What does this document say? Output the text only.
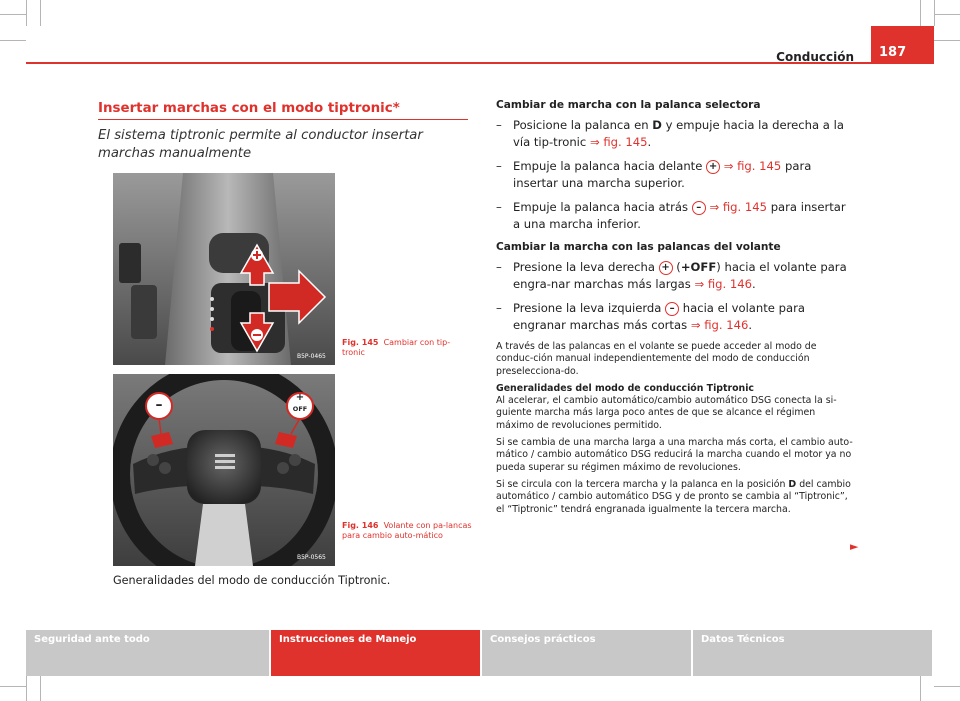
Conducción	187
Insertar marchas con el modo tiptronic*
El sistema tiptronic permite al conductor insertar marchas manualmente
B5P-0465
Fig. 145 Cambiar con tip-tronic
–	+
OFF
B5P-0565
Fig. 146 Volante con pa-lancas para cambio auto-mático
Generalidades del modo de conducción Tiptronic.
Cambiar de marcha con la palanca selectora
– Posicione la palanca en D y empuje hacia la derecha a la vía tip-tronic ⇒ fig. 145.
– Empuje la palanca hacia delante + ⇒ fig. 145 para insertar una marcha superior.
– Empuje la palanca hacia atrás – ⇒ fig. 145 para insertar a una marcha inferior.
Cambiar la marcha con las palancas del volante
– Presione la leva derecha + (+OFF) hacia el volante para engra-nar marchas más largas ⇒ fig. 146.
– Presione la leva izquierda – hacia el volante para engranar marchas más cortas ⇒ fig. 146.
A través de las palancas en el volante se puede acceder al modo de conduc-ción manual independientemente del modo de conducción preselecciona-do.
Generalidades del modo de conducción Tiptronic
Al acelerar, el cambio automático/cambio automático DSG conecta la si-guiente marcha más larga poco antes de que se alcance el régimen máximo de revoluciones permitido.
Si se cambia de una marcha larga a una marcha más corta, el cambio auto-mático / cambio automático DSG reducirá la marcha cuando el motor ya no pueda superar su régimen máximo de revoluciones.
Si se circula con la tercera marcha y la palanca en la posición D del cambio automático / cambio automático DSG y de pronto se cambia al “Tiptronic”, el “Tiptronic” tendrá engranada igualmente la tercera marcha.
►
Seguridad ante todo	Instrucciones de Manejo	Consejos prácticos	Datos Técnicos
